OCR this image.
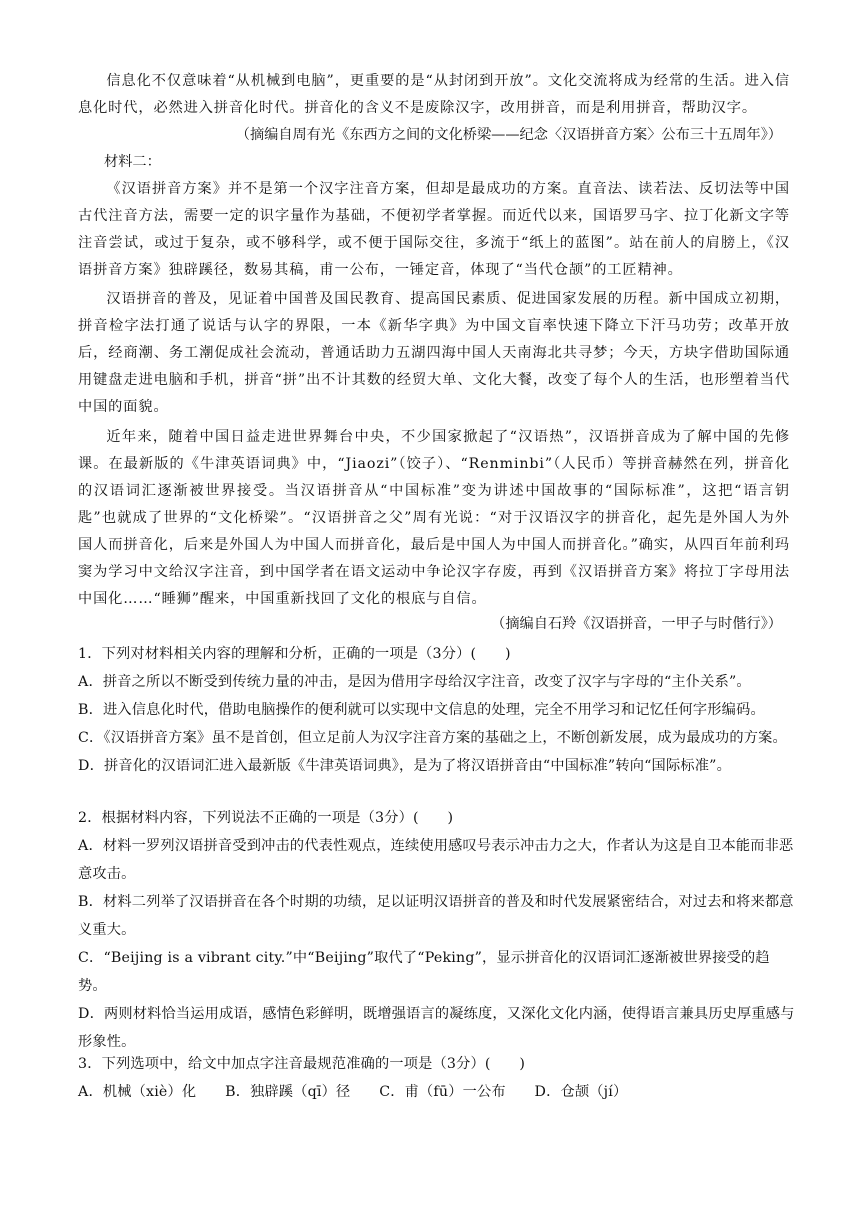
信息化不仅意味着“从机械到电脑”，更重要的是“从封闭到开放”。文化交流将成为经常的生活。进入信息化时代，必然进入拼音化时代。拼音化的含义不是废除汉字，改用拼音，而是利用拼音，帮助汉字。
（摘编自周有光《东西方之间的文化桥梁——纪念〈汉语拼音方案〉公布三十五周年》）
材料二：
《汉语拼音方案》并不是第一个汉字注音方案，但却是最成功的方案。直音法、读若法、反切法等中国古代注音方法，需要一定的识字量作为基础，不便初学者掌握。而近代以来，国语罗马字、拉丁化新文字等注音尝试，或过于复杂，或不够科学，或不便于国际交往，多流于“纸上的蓝图”。站在前人的肩膀上，《汉语拼音方案》独辟蹊径，数易其稿，甫一公布，一锤定音，体现了“当代仓颉”的工匠精神。
汉语拼音的普及，见证着中国普及国民教育、提高国民素质、促进国家发展的历程。新中国成立初期，拼音检字法打通了说话与认字的界限，一本《新华字典》为中国文盲率快速下降立下汗马功劳；改革开放后，经商潮、务工潮促成社会流动，普通话助力五湖四海中国人天南海北共寻梦；今天，方块字借助国际通用键盘走进电脑和手机，拼音“拼”出不计其数的经贸大单、文化大餐，改变了每个人的生活，也形塑着当代中国的面貌。
近年来，随着中国日益走进世界舞台中央，不少国家掀起了“汉语热”，汉语拼音成为了解中国的先修课。在最新版的《牛津英语词典》中，“Jiaozi”（饺子）、“Renminbi”（人民币）等拼音赫然在列，拼音化的汉语词汇逐渐被世界接受。当汉语拼音从“中国标准”变为讲述中国故事的“国际标准”，这把“语言钥匙”也就成了世界的“文化桥梁”。“汉语拼音之父”周有光说：“对于汉语汉字的拼音化，起先是外国人为外国人而拼音化，后来是外国人为中国人而拼音化，最后是中国人为中国人而拼音化。”确实，从四百年前利玛窦为学习中文给汉字注音，到中国学者在语文运动中争论汉字存废，再到《汉语拼音方案》将拉丁字母用法中国化……“睡狮”醒来，中国重新找回了文化的根底与自信。
（摘编自石羚《汉语拼音，一甲子与时偕行》）
1．下列对材料相关内容的理解和分析，正确的一项是（3分）(　　)
A．拼音之所以不断受到传统力量的冲击，是因为借用字母给汉字注音，改变了汉字与字母的“主仆关系”。
B．进入信息化时代，借助电脑操作的便利就可以实现中文信息的处理，完全不用学习和记忆任何字形编码。
C．《汉语拼音方案》虽不是首创，但立足前人为汉字注音方案的基础之上，不断创新发展，成为最成功的方案。
D．拼音化的汉语词汇进入最新版《牛津英语词典》，是为了将汉语拼音由“中国标准”转向“国际标准”。
2．根据材料内容，下列说法不正确的一项是（3分）(　　)
A．材料一罗列汉语拼音受到冲击的代表性观点，连续使用感叹号表示冲击力之大，作者认为这是自卫本能而非恶意攻击。
B．材料二列举了汉语拼音在各个时期的功绩，足以证明汉语拼音的普及和时代发展紧密结合，对过去和将来都意义重大。
C．“Beijing is a vibrant city.”中“Beijing”取代了“Peking”，显示拼音化的汉语词汇逐渐被世界接受的趋势。
D．两则材料恰当运用成语，感情色彩鲜明，既增强语言的凝练度，又深化文化内涵，使得语言兼具历史厚重感与形象性。
3．下列选项中，给文中加点字注音最规范准确的一项是（3分）(　　)
A．机械（xiè）化　　B．独辟蹊（qī）径　　C．甫（fū）一公布　　D．仓颉（jí）
